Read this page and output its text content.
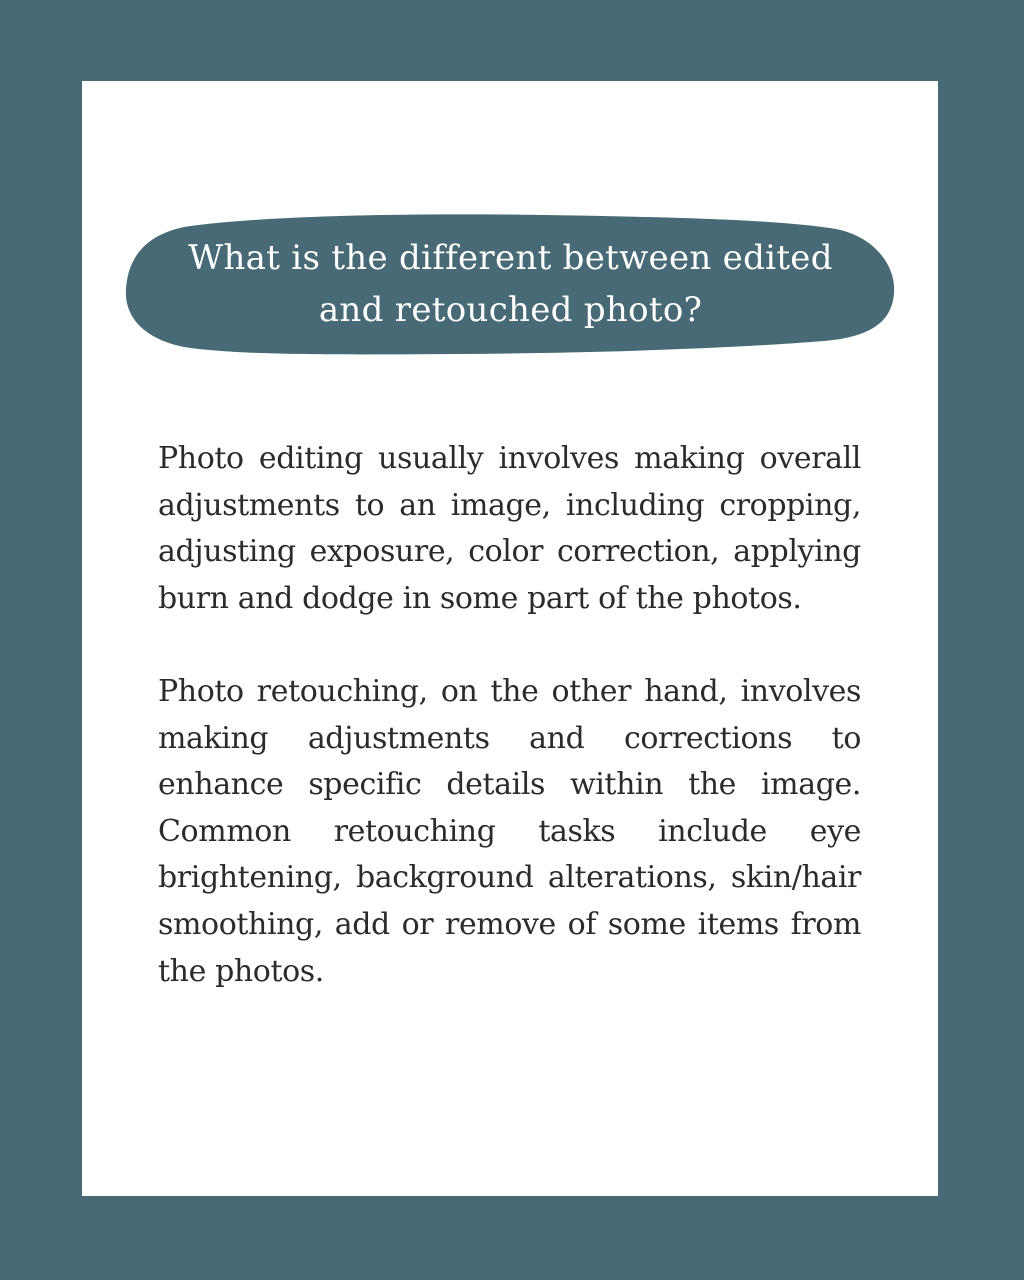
What is the different between edited
and retouched photo?

Photo editing usually involves making overall adjustments to an image, including cropping, adjusting exposure, color correction, applying burn and dodge in some part of the photos.

Photo retouching, on the other hand, involves making adjustments and corrections to enhance specific details within the image. Common retouching tasks include eye brightening, background alterations, skin/hair smoothing, add or remove of some items from the photos.
